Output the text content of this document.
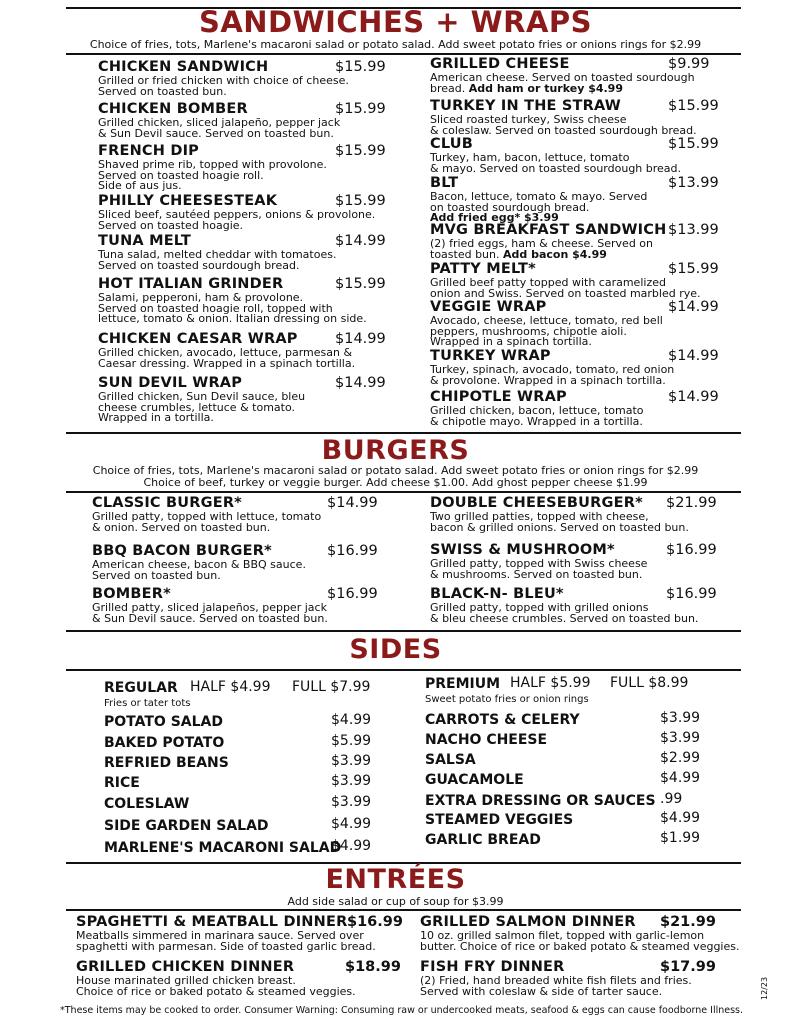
SANDWICHES + WRAPS
Choice of fries, tots, Marlene's macaroni salad or potato salad. Add sweet potato fries or onions rings for $2.99
CHICKEN SANDWICH	$15.99
Grilled or fried chicken with choice of cheese.
Served on toasted bun.
CHICKEN BOMBER	$15.99
Grilled chicken, sliced jalapeño, pepper jack
& Sun Devil sauce. Served on toasted bun.
FRENCH DIP	$15.99
Shaved prime rib, topped with provolone.
Served on toasted hoagie roll.
Side of aus jus.
PHILLY CHEESESTEAK	$15.99
Sliced beef, sautéed peppers, onions & provolone.
Served on toasted hoagie.
TUNA MELT	$14.99
Tuna salad, melted cheddar with tomatoes.
Served on toasted sourdough bread.
HOT ITALIAN GRINDER	$15.99
Salami, pepperoni, ham & provolone.
Served on toasted hoagie roll, topped with
lettuce, tomato & onion. Italian dressing on side.
CHICKEN CAESAR WRAP	$14.99
Grilled chicken, avocado, lettuce, parmesan &
Caesar dressing. Wrapped in a spinach tortilla.
SUN DEVIL WRAP	$14.99
Grilled chicken, Sun Devil sauce, bleu
cheese crumbles, lettuce & tomato.
Wrapped in a tortilla.
GRILLED CHEESE	$9.99
American cheese. Served on toasted sourdough
bread. Add ham or turkey $4.99
TURKEY IN THE STRAW	$15.99
Sliced roasted turkey, Swiss cheese
& coleslaw. Served on toasted sourdough bread.
CLUB	$15.99
Turkey, ham, bacon, lettuce, tomato
& mayo. Served on toasted sourdough bread.
BLT	$13.99
Bacon, lettuce, tomato & mayo. Served
on toasted sourdough bread.
Add fried egg* $3.99
MVG BREAKFAST SANDWICH $13.99
(2) fried eggs, ham & cheese. Served on
toasted bun. Add bacon $4.99
PATTY MELT*	$15.99
Grilled beef patty topped with caramelized
onion and Swiss. Served on toasted marbled rye.
VEGGIE WRAP	$14.99
Avocado, cheese, lettuce, tomato, red bell
peppers, mushrooms, chipotle aioli.
Wrapped in a spinach tortilla.
TURKEY WRAP	$14.99
Turkey, spinach, avocado, tomato, red onion
& provolone. Wrapped in a spinach tortilla.
CHIPOTLE WRAP	$14.99
Grilled chicken, bacon, lettuce, tomato
& chipotle mayo. Wrapped in a tortilla.
BURGERS
Choice of fries, tots, Marlene's macaroni salad or potato salad. Add sweet potato fries or onion rings for $2.99
Choice of beef, turkey or veggie burger. Add cheese $1.00. Add ghost pepper cheese $1.99
CLASSIC BURGER*	$14.99
Grilled patty, topped with lettuce, tomato
& onion. Served on toasted bun.
BBQ BACON BURGER*	$16.99
American cheese, bacon & BBQ sauce.
Served on toasted bun.
BOMBER*	$16.99
Grilled patty, sliced jalapeños, pepper jack
& Sun Devil sauce. Served on toasted bun.
DOUBLE CHEESEBURGER*	$21.99
Two grilled patties, topped with cheese,
bacon & grilled onions. Served on toasted bun.
SWISS & MUSHROOM*	$16.99
Grilled patty, topped with Swiss cheese
& mushrooms. Served on toasted bun.
BLACK-N- BLEU*	$16.99
Grilled patty, topped with grilled onions
& bleu cheese crumbles. Served on toasted bun.
SIDES
REGULAR HALF $4.99 FULL $7.99
Fries or tater tots
PREMIUM HALF $5.99 FULL $8.99
Sweet potato fries or onion rings
POTATO SALAD	$4.99
BAKED POTATO	$5.99
REFRIED BEANS	$3.99
RICE	$3.99
COLESLAW	$3.99
SIDE GARDEN SALAD	$4.99
MARLENE'S MACARONI SALAD
$4.99
CARROTS & CELERY	$3.99
NACHO CHEESE	$3.99
SALSA	$2.99
GUACAMOLE	$4.99
EXTRA DRESSING OR SAUCES .99
STEAMED VEGGIES	$4.99
GARLIC BREAD	$1.99
ENTRÉES
Add side salad or cup of soup for $3.99
SPAGHETTI & MEATBALL DINNER $16.99
Meatballs simmered in marinara sauce. Served over
spaghetti with parmesan. Side of toasted garlic bread.
GRILLED SALMON DINNER	$21.99
10 oz. grilled salmon filet, topped with garlic-lemon
butter. Choice of rice or baked potato & steamed veggies.
GRILLED CHICKEN DINNER	$18.99
House marinated grilled chicken breast.
Choice of rice or baked potato & steamed veggies.
FISH FRY DINNER	$17.99
(2) Fried, hand breaded white fish filets and fries.
Served with coleslaw & side of tarter sauce.
*These items may be cooked to order. Consumer Warning: Consuming raw or undercooked meats, seafood & eggs can cause foodborne Illness.
12/23
